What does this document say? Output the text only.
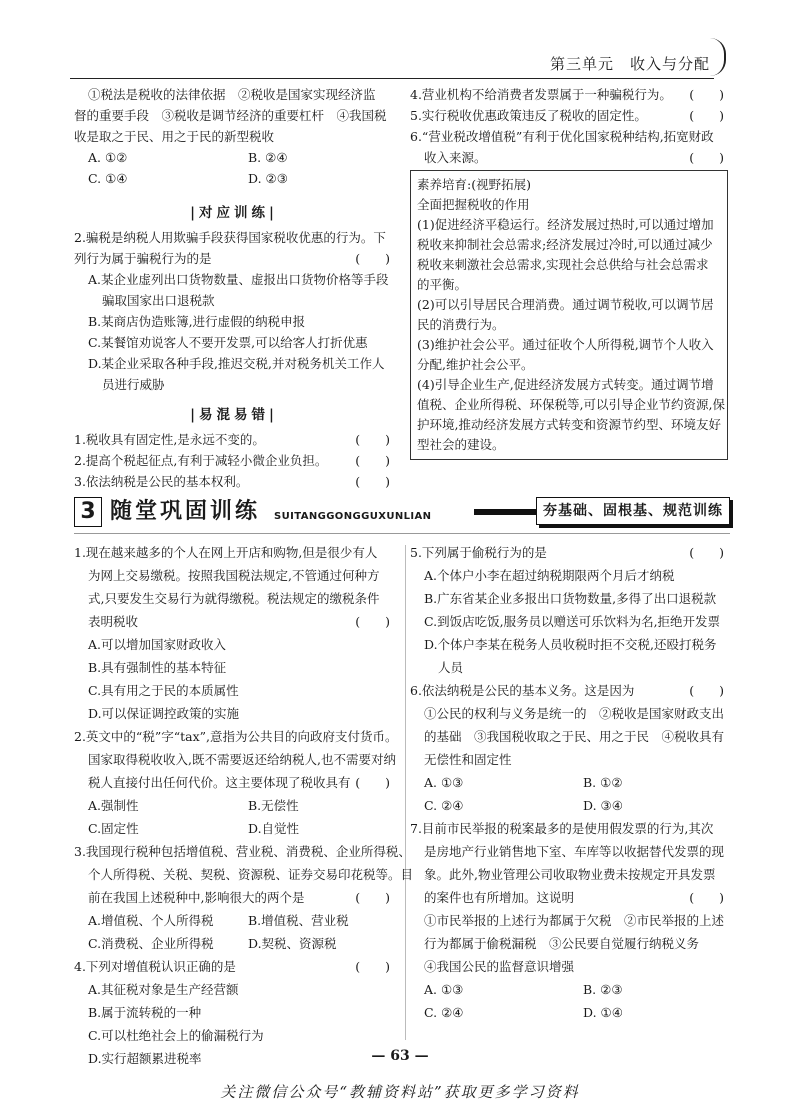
第三单元　收入与分配
①税法是税收的法律依据　②税收是国家实现经济监
督的重要手段　③税收是调节经济的重要杠杆　④我国税
收是取之于民、用之于民的新型税收
A. ①②	B. ②④
C. ①④	D. ②③
|对应训练|
2.骗税是纳税人用欺骗手段获得国家税收优惠的行为。下
列行为属于骗税行为的是	(　　)
A.某企业虚列出口货物数量、虚报出口货物价格等手段
骗取国家出口退税款
B.某商店伪造账簿,进行虚假的纳税申报
C.某餐馆劝说客人不要开发票,可以给客人打折优惠
D.某企业采取各种手段,推迟交税,并对税务机关工作人
员进行威胁
|易混易错|
1.税收具有固定性,是永远不变的。	(　　)
2.提高个税起征点,有利于减轻小微企业负担。 (　　)
3.依法纳税是公民的基本权利。	(　　)
4.营业机构不给消费者发票属于一种骗税行为。 (　　)
5.实行税收优惠政策违反了税收的固定性。	(　　)
6.“营业税改增值税”有利于优化国家税种结构,拓宽财政
收入来源。	(　　)
素养培育:(视野拓展)
全面把握税收的作用
(1)促进经济平稳运行。经济发展过热时,可以通过增加
税收来抑制社会总需求;经济发展过冷时,可以通过减少
税收来刺激社会总需求,实现社会总供给与社会总需求
的平衡。
(2)可以引导居民合理消费。通过调节税收,可以调节居
民的消费行为。
(3)维护社会公平。通过征收个人所得税,调节个人收入
分配,维护社会公平。
(4)引导企业生产,促进经济发展方式转变。通过调节增
值税、企业所得税、环保税等,可以引导企业节约资源,保
护环境,推动经济发展方式转变和资源节约型、环境友好
型社会的建设。
3 随堂巩固训练 SUITANGGONGGUXUNLIAN	夯基础、固根基、规范训练
1.现在越来越多的个人在网上开店和购物,但是很少有人
为网上交易缴税。按照我国税法规定,不管通过何种方
式,只要发生交易行为就得缴税。税法规定的缴税条件
表明税收	(　　)
A.可以增加国家财政收入
B.具有强制性的基本特征
C.具有用之于民的本质属性
D.可以保证调控政策的实施
2.英文中的“税”字“tax”,意指为公共目的向政府支付货币。
国家取得税收收入,既不需要返还给纳税人,也不需要对纳
税人直接付出任何代价。这主要体现了税收具有 (　　)
A.强制性	B.无偿性
C.固定性	D.自觉性
3.我国现行税种包括增值税、营业税、消费税、企业所得税、
个人所得税、关税、契税、资源税、证券交易印花税等。目
前在我国上述税种中,影响很大的两个是	(　　)
A.增值税、个人所得税	B.增值税、营业税
C.消费税、企业所得税	D.契税、资源税
4.下列对增值税认识正确的是	(　　)
A.其征税对象是生产经营额
B.属于流转税的一种
C.可以杜绝社会上的偷漏税行为
D.实行超额累进税率
5.下列属于偷税行为的是	(　　)
A.个体户小李在超过纳税期限两个月后才纳税
B.广东省某企业多报出口货物数量,多得了出口退税款
C.到饭店吃饭,服务员以赠送可乐饮料为名,拒绝开发票
D.个体户李某在税务人员收税时拒不交税,还殴打税务
人员
6.依法纳税是公民的基本义务。这是因为	(　　)
①公民的权利与义务是统一的　②税收是国家财政支出
的基础　③我国税收取之于民、用之于民　④税收具有
无偿性和固定性
A. ①③	B. ①②
C. ②④	D. ③④
7.目前市民举报的税案最多的是使用假发票的行为,其次
是房地产行业销售地下室、车库等以收据替代发票的现
象。此外,物业管理公司收取物业费未按规定开具发票
的案件也有所增加。这说明	(　　)
①市民举报的上述行为都属于欠税　②市民举报的上述
行为都属于偷税漏税　③公民要自觉履行纳税义务
④我国公民的监督意识增强
A. ①③	B. ②③
C. ②④	D. ①④
— 63 —
关注微信公众号“教辅资料站”获取更多学习资料
